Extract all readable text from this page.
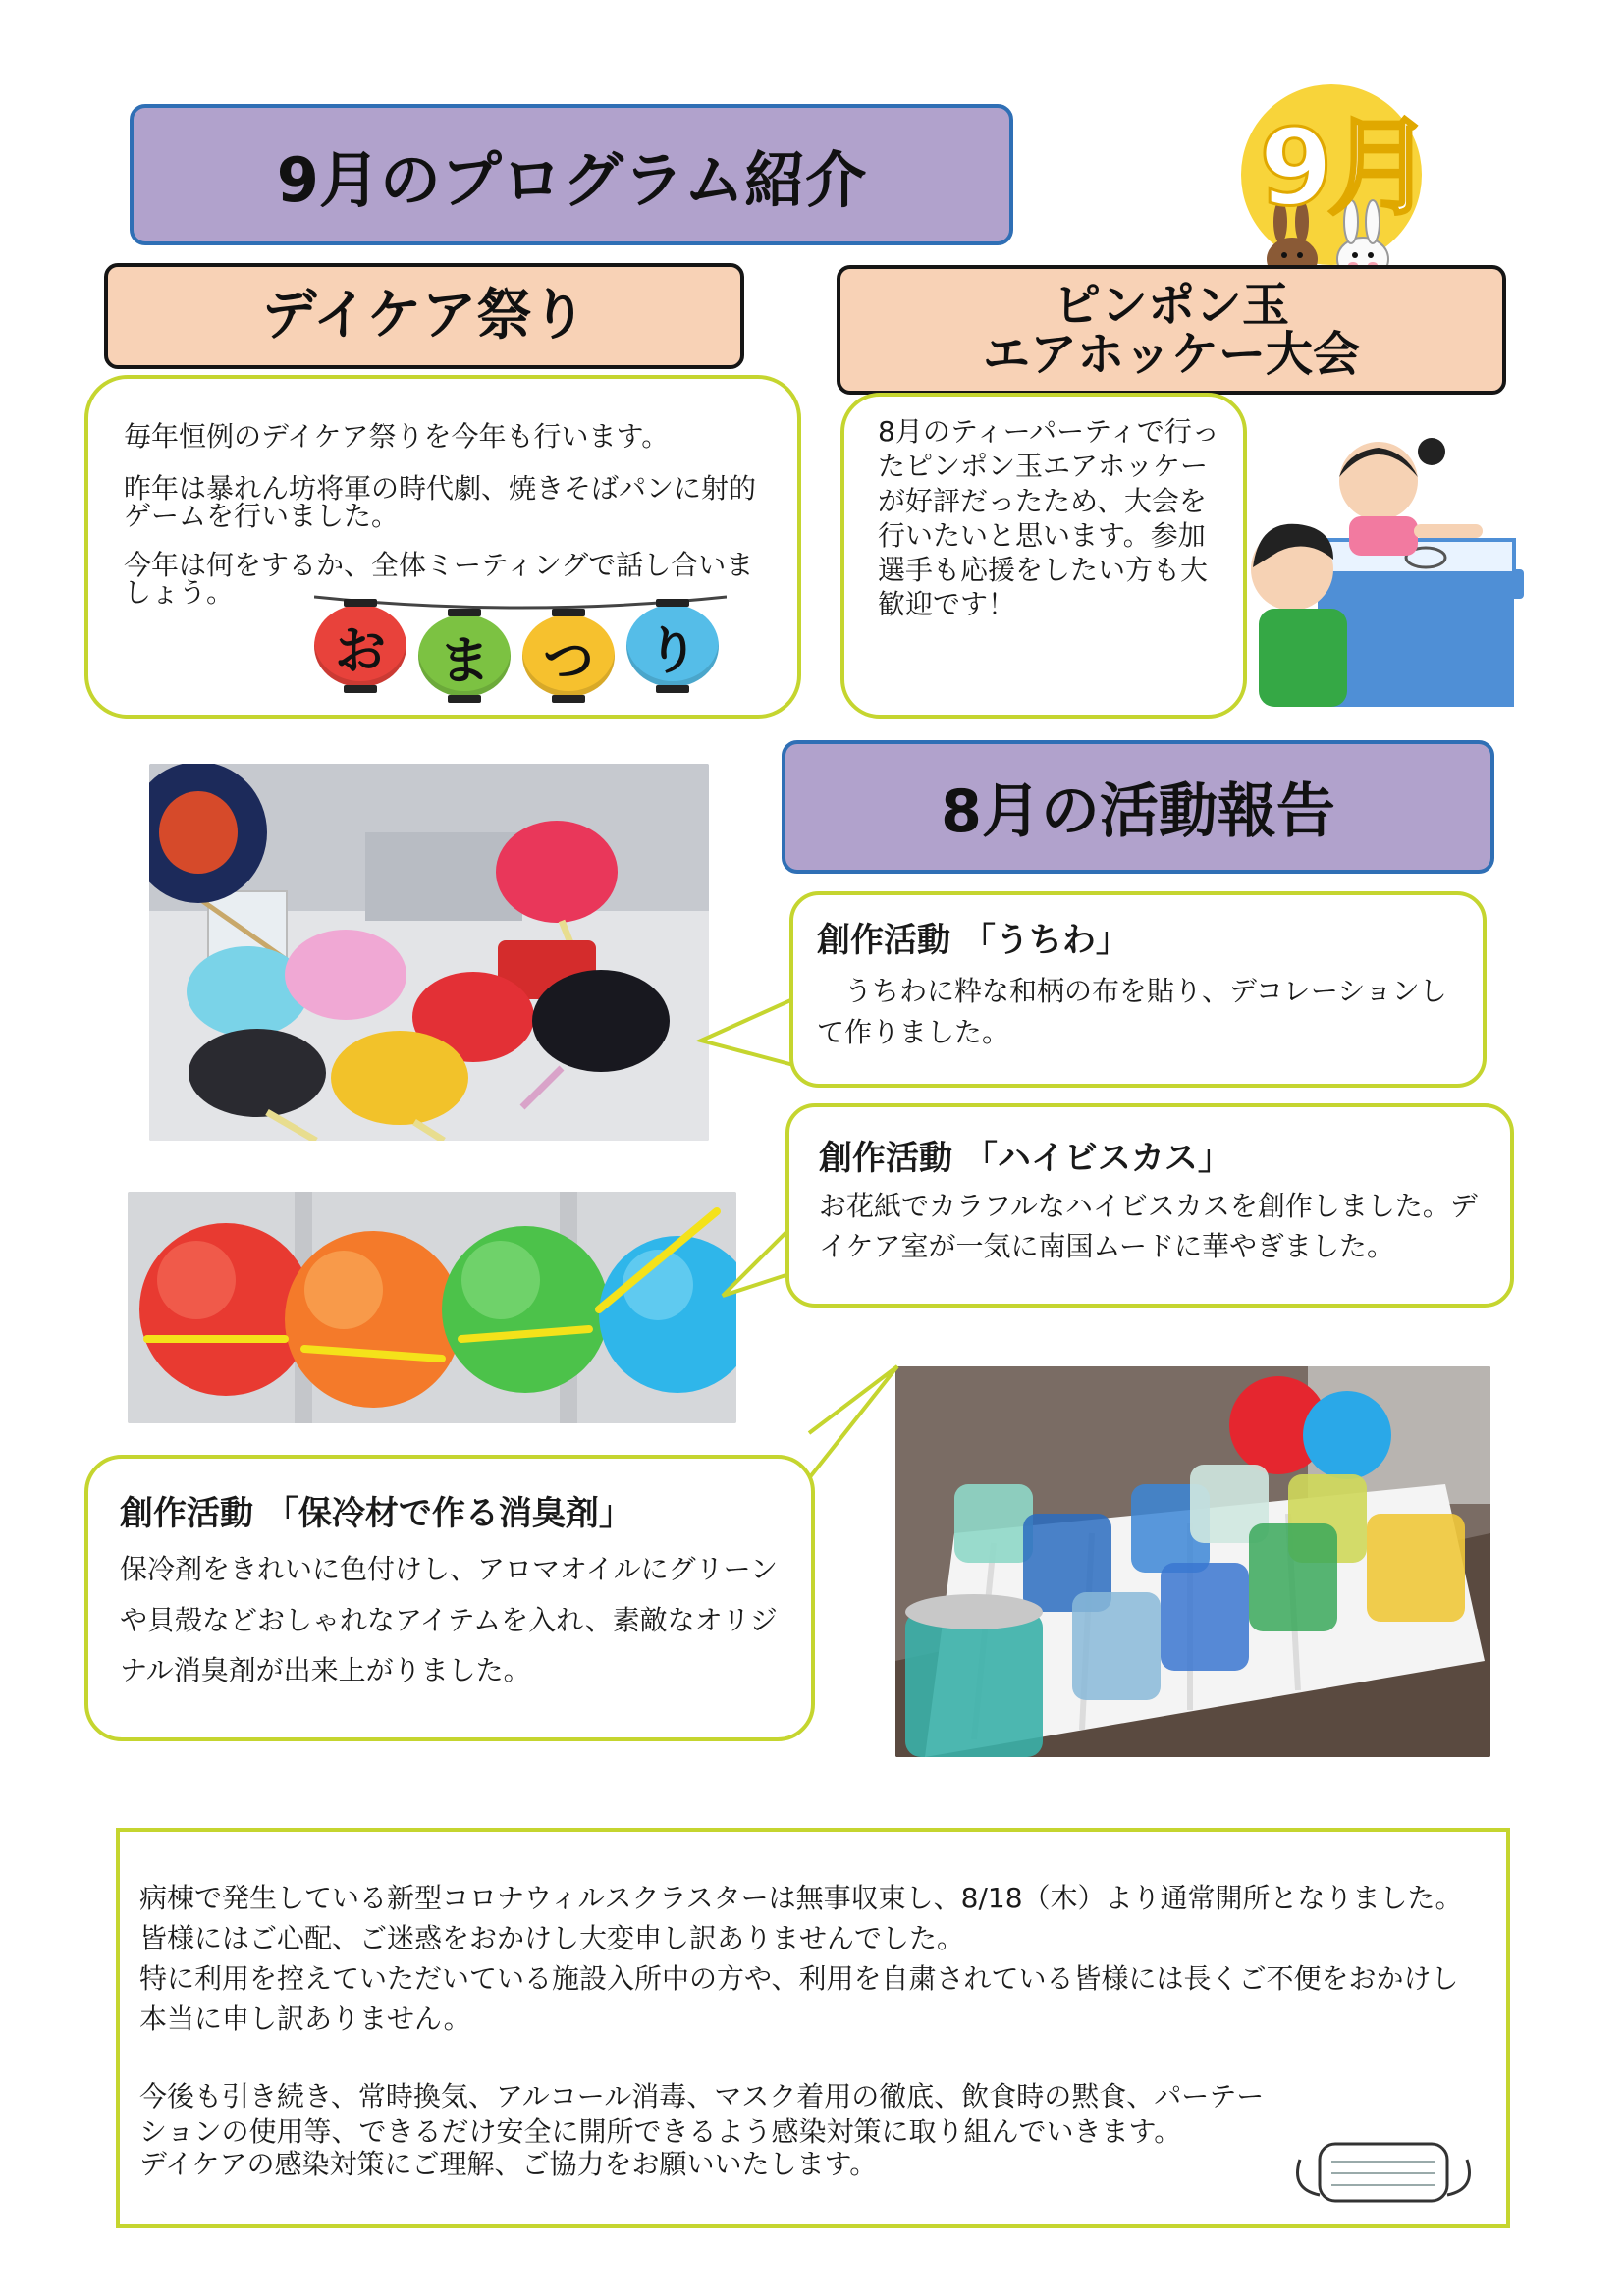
9月のプログラム紹介	9月
デイケア祭り

毎年恒例のデイケア祭りを今年も行います。

昨年は暴れん坊将軍の時代劇、焼きそばパンに射的ゲームを行いました。

今年は何をするか、全体ミーティングで話し合いましょう。

お	ま	つ	り
ピンポン玉
エアホッケー大会

8月のティーパーティで行ったピンポン玉エアホッケーが好評だったため、大会を行いたいと思います。参加選手も応援をしたい方も大歓迎です！

8月の活動報告

創作活動 「うちわ」

うちわに粋な和柄の布を貼り、デコレーションして作りました。

創作活動 「ハイビスカス」

お花紙でカラフルなハイビスカスを創作しました。デイケア室が一気に南国ムードに華やぎました。

創作活動 「保冷材で作る消臭剤」

保冷剤をきれいに色付けし、アロマオイルにグリーンや貝殻などおしゃれなアイテムを入れ、素敵なオリジナル消臭剤が出来上がりました。

病棟で発生している新型コロナウィルスクラスターは無事収束し、8/18（木）より通常開所となりました。皆様にはご心配、ご迷惑をおかけし大変申し訳ありませんでした。

特に利用を控えていただいている施設入所中の方や、利用を自粛されている皆様には長くご不便をおかけし本当に申し訳ありません。

今後も引き続き、常時換気、アルコール消毒、マスク着用の徹底、飲食時の黙食、パーテーションの使用等、できるだけ安全に開所できるよう感染対策に取り組んでいきます。

デイケアの感染対策にご理解、ご協力をお願いいたします。
